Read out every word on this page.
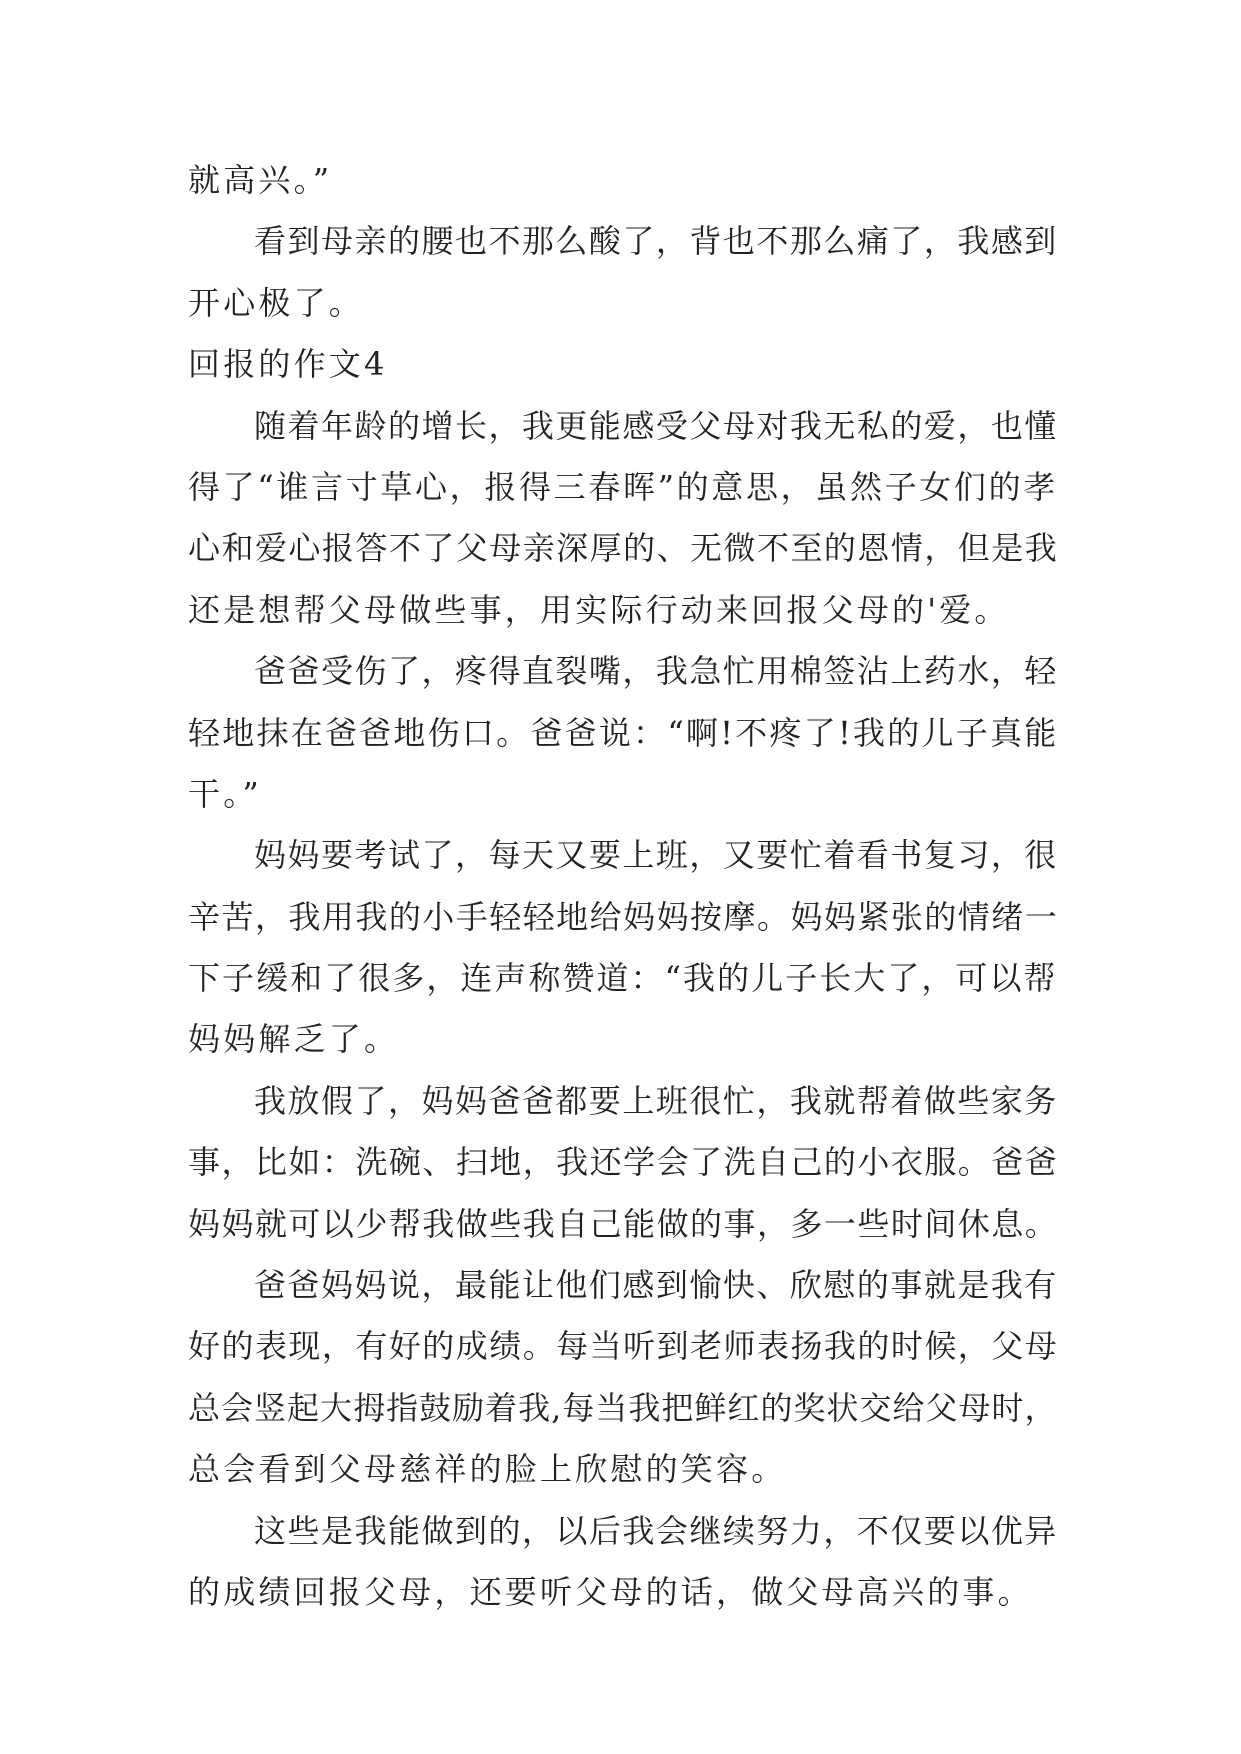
就高兴。”
看到母亲的腰也不那么酸了，背也不那么痛了，我感到
开心极了。
回报的作文4
随着年龄的增长，我更能感受父母对我无私的爱，也懂
得了“谁言寸草心，报得三春晖”的意思，虽然子女们的孝
心和爱心报答不了父母亲深厚的、无微不至的恩情，但是我
还是想帮父母做些事，用实际行动来回报父母的'爱。
爸爸受伤了，疼得直裂嘴，我急忙用棉签沾上药水，轻
轻地抹在爸爸地伤口。爸爸说：“啊!不疼了!我的儿子真能
干。”
妈妈要考试了，每天又要上班，又要忙着看书复习，很
辛苦，我用我的小手轻轻地给妈妈按摩。妈妈紧张的情绪一
下子缓和了很多，连声称赞道：“我的儿子长大了，可以帮
妈妈解乏了。
我放假了，妈妈爸爸都要上班很忙，我就帮着做些家务
事，比如：洗碗、扫地，我还学会了洗自己的小衣服。爸爸
妈妈就可以少帮我做些我自己能做的事，多一些时间休息。
爸爸妈妈说，最能让他们感到愉快、欣慰的事就是我有
好的表现，有好的成绩。每当听到老师表扬我的时候，父母
总会竖起大拇指鼓励着我,每当我把鲜红的奖状交给父母时，
总会看到父母慈祥的脸上欣慰的笑容。
这些是我能做到的，以后我会继续努力，不仅要以优异
的成绩回报父母，还要听父母的话，做父母高兴的事。
